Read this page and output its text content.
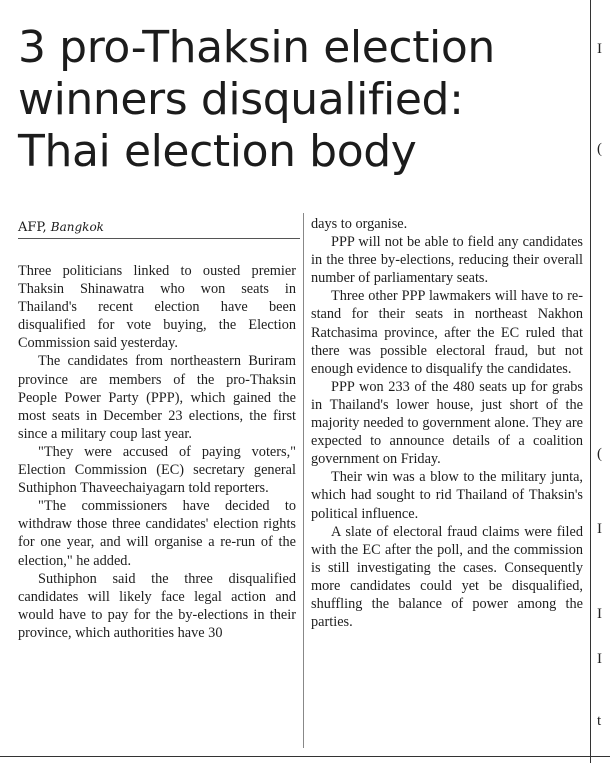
3 pro-Thaksin election
winners disqualified:
Thai election body
AFP, Bangkok

Three politicians linked to ousted premier Thaksin Shinawatra who won seats in Thailand's recent election have been disqualified for vote buying, the Election Commission said yesterday.

The candidates from northeastern Buriram province are members of the pro-Thaksin People Power Party (PPP), which gained the most seats in December 23 elections, the first since a military coup last year.

"They were accused of paying voters," Election Commission (EC) secretary general Suthiphon Thaveechaiyagarn told reporters.

"The commissioners have decided to withdraw those three candidates' election rights for one year, and will organise a re-run of the election," he added.

Suthiphon said the three disqualified candidates will likely face legal action and would have to pay for the by-elections in their province, which authorities have 30

days to organise.

PPP will not be able to field any candidates in the three by-elections, reducing their overall number of parliamentary seats.

Three other PPP lawmakers will have to re-stand for their seats in northeast Nakhon Ratchasima province, after the EC ruled that there was possible electoral fraud, but not enough evidence to disqualify the candidates.

PPP won 233 of the 480 seats up for grabs in Thailand's lower house, just short of the majority needed to government alone. They are expected to announce details of a coalition government on Friday.

Their win was a blow to the military junta, which had sought to rid Thailand of Thaksin's political influence.

A slate of electoral fraud claims were filed with the EC after the poll, and the commission is still investigating the cases. Consequently more candidates could yet be disqualified, shuffling the balance of power among the parties.

I
(
(
I
I
I
t
